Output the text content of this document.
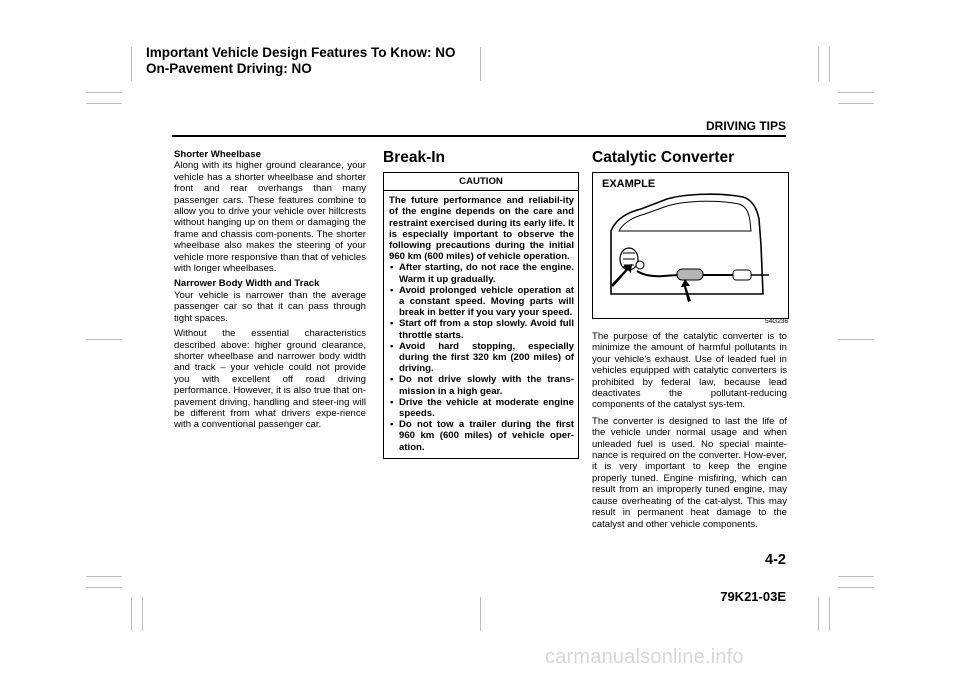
Important Vehicle Design Features To Know: NO
On-Pavement Driving: NO
DRIVING TIPS

Shorter Wheelbase
Along with its higher ground clearance, your vehicle has a shorter wheelbase and shorter front and rear overhangs than many passenger cars. These features combine to allow you to drive your vehicle over hillcrests without hanging up on them or damaging the frame and chassis com-ponents. The shorter wheelbase also makes the steering of your vehicle more responsive than that of vehicles with longer wheelbases.

Narrower Body Width and Track
Your vehicle is narrower than the average passenger car so that it can pass through tight spaces.

Without the essential characteristics described above: higher ground clearance, shorter wheelbase and narrower body width and track – your vehicle could not provide you with excellent off road driving performance. However, it is also true that on-pavement driving, handling and steer-ing will be different from what drivers expe-rience with a conventional passenger car.

Break-In
CAUTION

The future performance and reliabil-ity of the engine depends on the care and restraint exercised during its early life. It is especially important to observe the following precautions during the initial 960 km (600 miles) of vehicle operation.

• After starting, do not race the engine. Warm it up gradually.
• Avoid prolonged vehicle operation at a constant speed. Moving parts will break in better if you vary your speed.
• Start off from a stop slowly. Avoid full throttle starts.
• Avoid hard stopping, especially during the first 320 km (200 miles) of driving.
• Do not drive slowly with the trans-mission in a high gear.
• Drive the vehicle at moderate engine speeds.
• Do not tow a trailer during the first 960 km (600 miles) of vehicle oper-ation.
Catalytic Converter
EXAMPLE
54G236

The purpose of the catalytic converter is to minimize the amount of harmful pollutants in your vehicle's exhaust. Use of leaded fuel in vehicles equipped with catalytic converters is prohibited by federal law, because lead deactivates the pollutant-reducing components of the catalyst sys-tem.

The converter is designed to last the life of the vehicle under normal usage and when unleaded fuel is used. No special mainte-nance is required on the converter. How-ever, it is very important to keep the engine properly tuned. Engine misfiring, which can result from an improperly tuned engine, may cause overheating of the cat-alyst. This may result in permanent heat damage to the catalyst and other vehicle components.

4-2
79K21-03E
carmanualsonline.info
